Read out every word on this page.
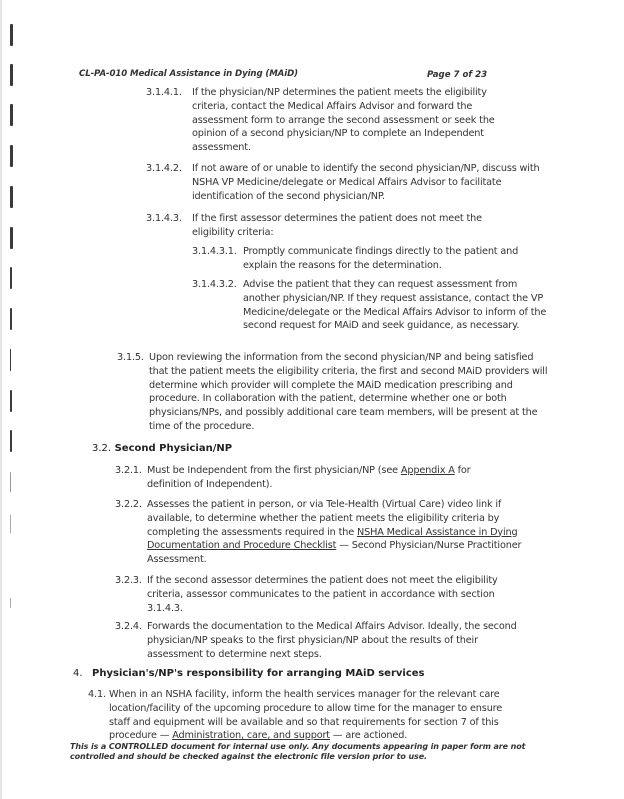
CL-PA-010 Medical Assistance in Dying (MAiD)	Page 7 of 23
3.1.4.1. If the physician/NP determines the patient meets the eligibility criteria, contact the Medical Affairs Advisor and forward the assessment form to arrange the second assessment or seek the opinion of a second physician/NP to complete an Independent assessment.
3.1.4.2. If not aware of or unable to identify the second physician/NP, discuss with NSHA VP Medicine/delegate or Medical Affairs Advisor to facilitate identification of the second physician/NP.
3.1.4.3. If the first assessor determines the patient does not meet the eligibility criteria:
3.1.4.3.1. Promptly communicate findings directly to the patient and explain the reasons for the determination.
3.1.4.3.2. Advise the patient that they can request assessment from another physician/NP. If they request assistance, contact the VP Medicine/delegate or the Medical Affairs Advisor to inform of the second request for MAiD and seek guidance, as necessary.
3.1.5. Upon reviewing the information from the second physician/NP and being satisfied that the patient meets the eligibility criteria, the first and second MAiD providers will determine which provider will complete the MAiD medication prescribing and procedure. In collaboration with the patient, determine whether one or both physicians/NPs, and possibly additional care team members, will be present at the time of the procedure.
3.2. Second Physician/NP
3.2.1. Must be Independent from the first physician/NP (see Appendix A for definition of Independent).
3.2.2. Assesses the patient in person, or via Tele-Health (Virtual Care) video link if available, to determine whether the patient meets the eligibility criteria by completing the assessments required in the NSHA Medical Assistance in Dying Documentation and Procedure Checklist — Second Physician/Nurse Practitioner Assessment.
3.2.3. If the second assessor determines the patient does not meet the eligibility criteria, assessor communicates to the patient in accordance with section 3.1.4.3.
3.2.4. Forwards the documentation to the Medical Affairs Advisor. Ideally, the second physician/NP speaks to the first physician/NP about the results of their assessment to determine next steps.
4. Physician's/NP's responsibility for arranging MAiD services
4.1. When in an NSHA facility, inform the health services manager for the relevant care location/facility of the upcoming procedure to allow time for the manager to ensure staff and equipment will be available and so that requirements for section 7 of this procedure — Administration, care, and support — are actioned.
This is a CONTROLLED document for internal use only. Any documents appearing in paper form are not controlled and should be checked against the electronic file version prior to use.
